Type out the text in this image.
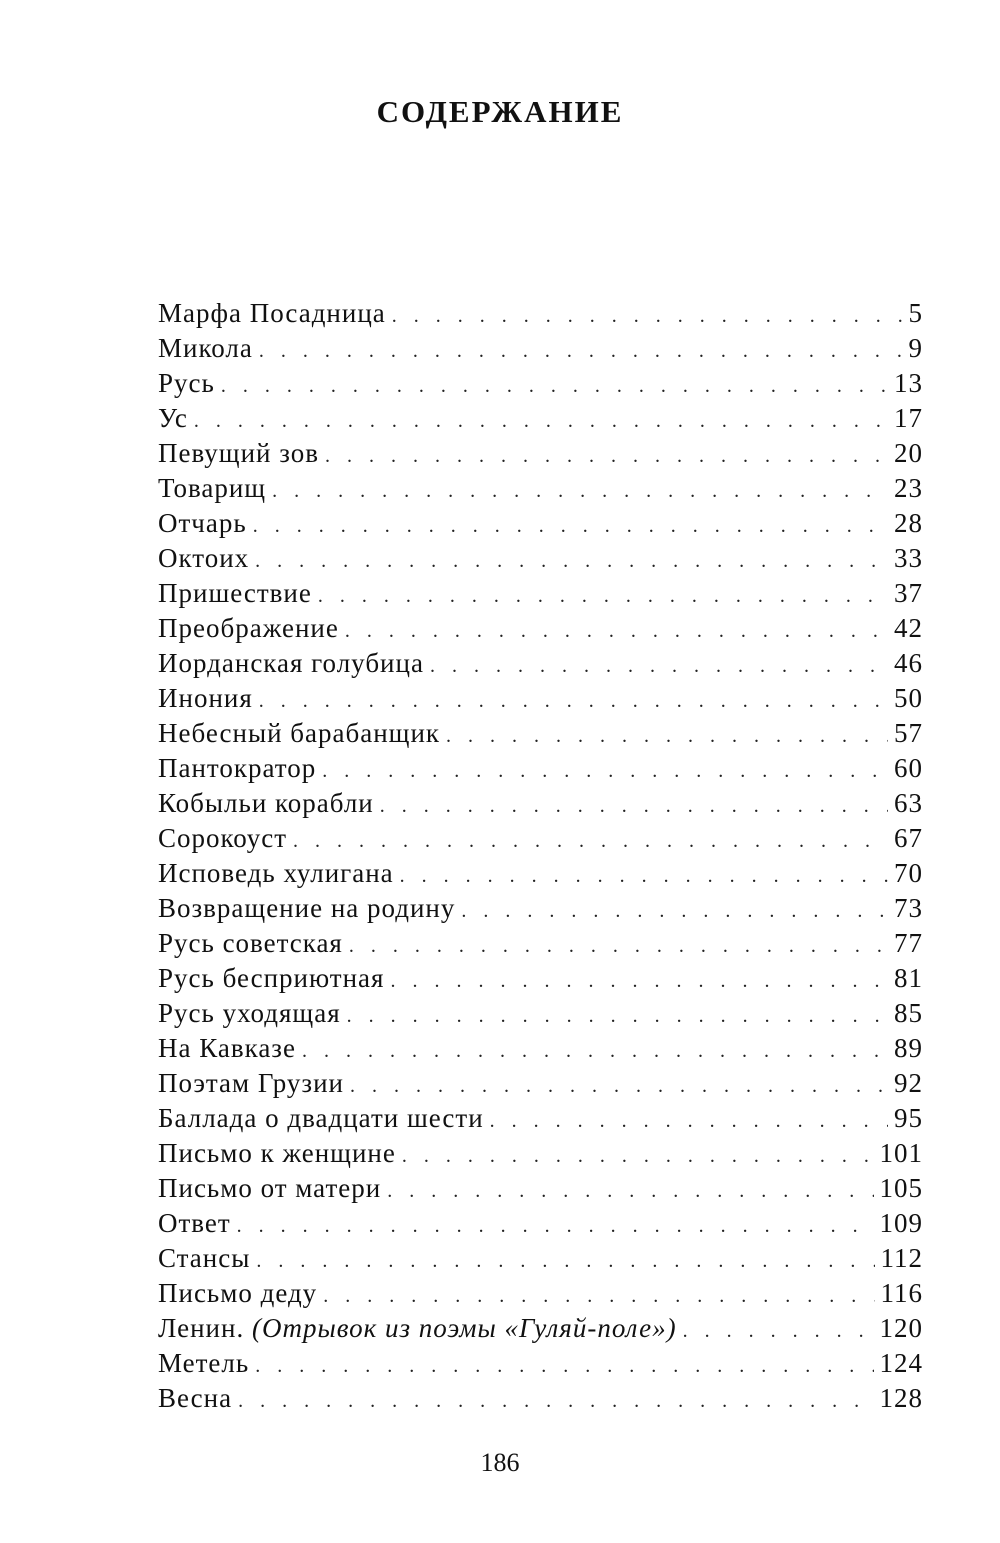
СОДЕРЖАНИЕ
Марфа Посадница . . .	5
Микола . . .	9
Русь . . .	13
Ус . . .	17
Певущий зов . . .	20
Товарищ . . .	23
Отчарь . . .	28
Октоих . . .	33
Пришествие . . .	37
Преображение . . .	42
Иорданская голубица . . .	46
Инония . . .	50
Небесный барабанщик . . .	57
Пантократор . . .	60
Кобыльи корабли . . .	63
Сорокоуст . . .	67
Исповедь хулигана . . .	70
Возвращение на родину . . .	73
Русь советская . . .	77
Русь бесприютная . . .	81
Русь уходящая . . .	85
На Кавказе . . .	89
Поэтам Грузии . . .	92
Баллада о двадцати шести . . .	95
Письмо к женщине . . .	101
Письмо от матери . . .	105
Ответ . . .	109
Стансы . . .	112
Письмо деду . . .	116
Ленин. (Отрывок из поэмы «Гуляй-поле») . . .	120
Метель . . .	124
Весна . . .	128
186
